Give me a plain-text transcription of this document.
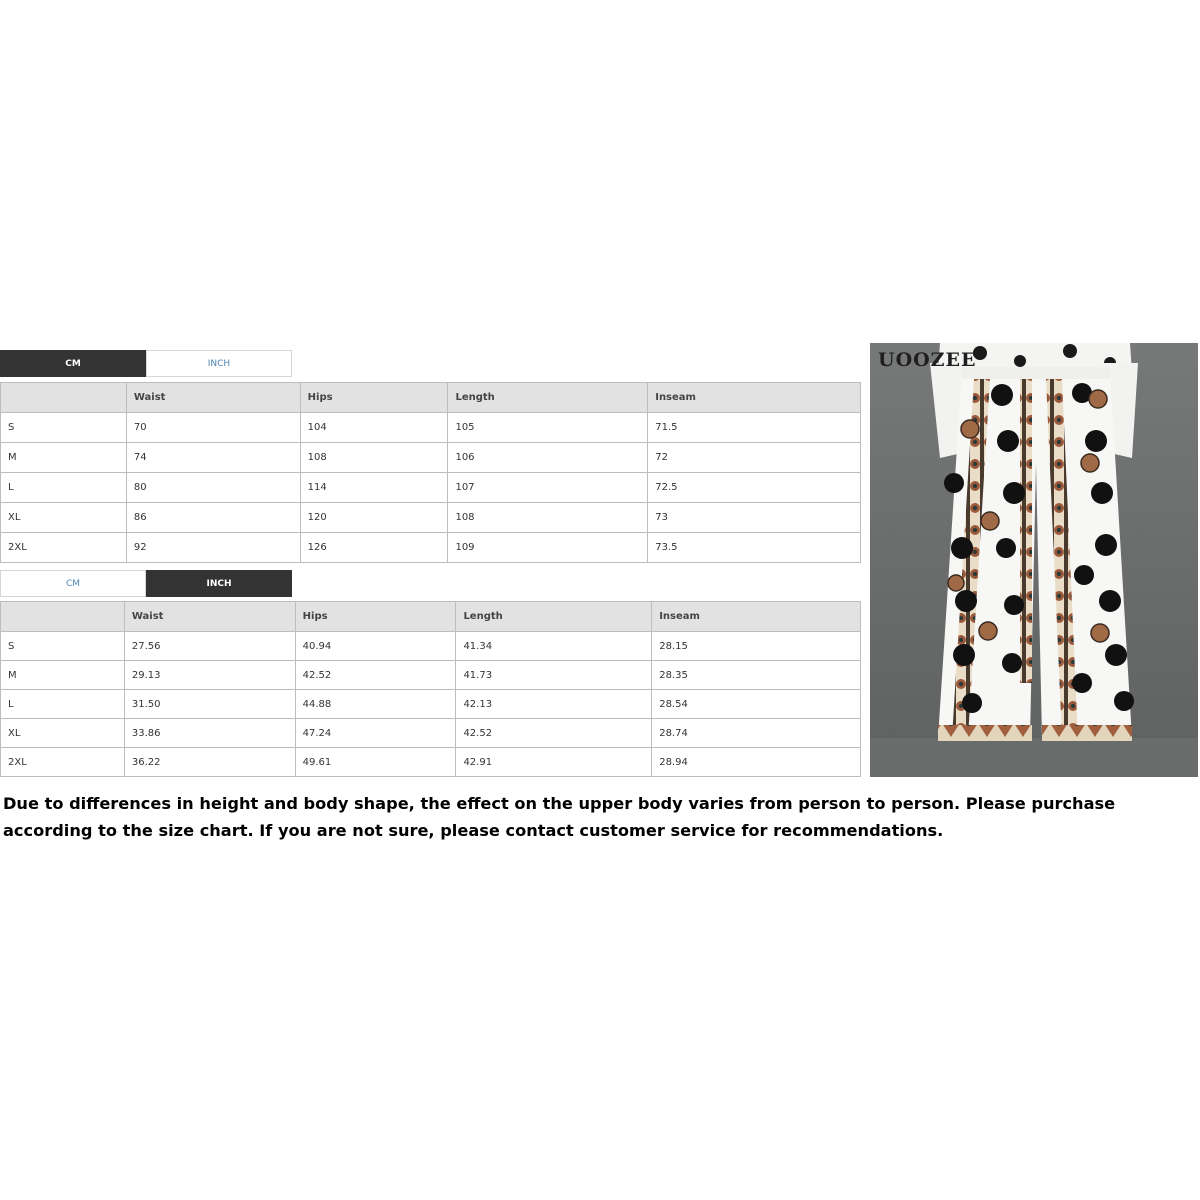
CM	INCH
	Waist	Hips	Length	Inseam
S	70	104	105	71.5
M	74	108	106	72
L	80	114	107	72.5
XL	86	120	108	73
2XL	92	126	109	73.5
CM	INCH
	Waist	Hips	Length	Inseam
S	27.56	40.94	41.34	28.15
M	29.13	42.52	41.73	28.35
L	31.50	44.88	42.13	28.54
XL	33.86	47.24	42.52	28.74
2XL	36.22	49.61	42.91	28.94
UOOZEE
Due to differences in height and body shape, the effect on the upper body varies from person to person. Please purchase according to the size chart. If you are not sure, please contact customer service for recommendations.
